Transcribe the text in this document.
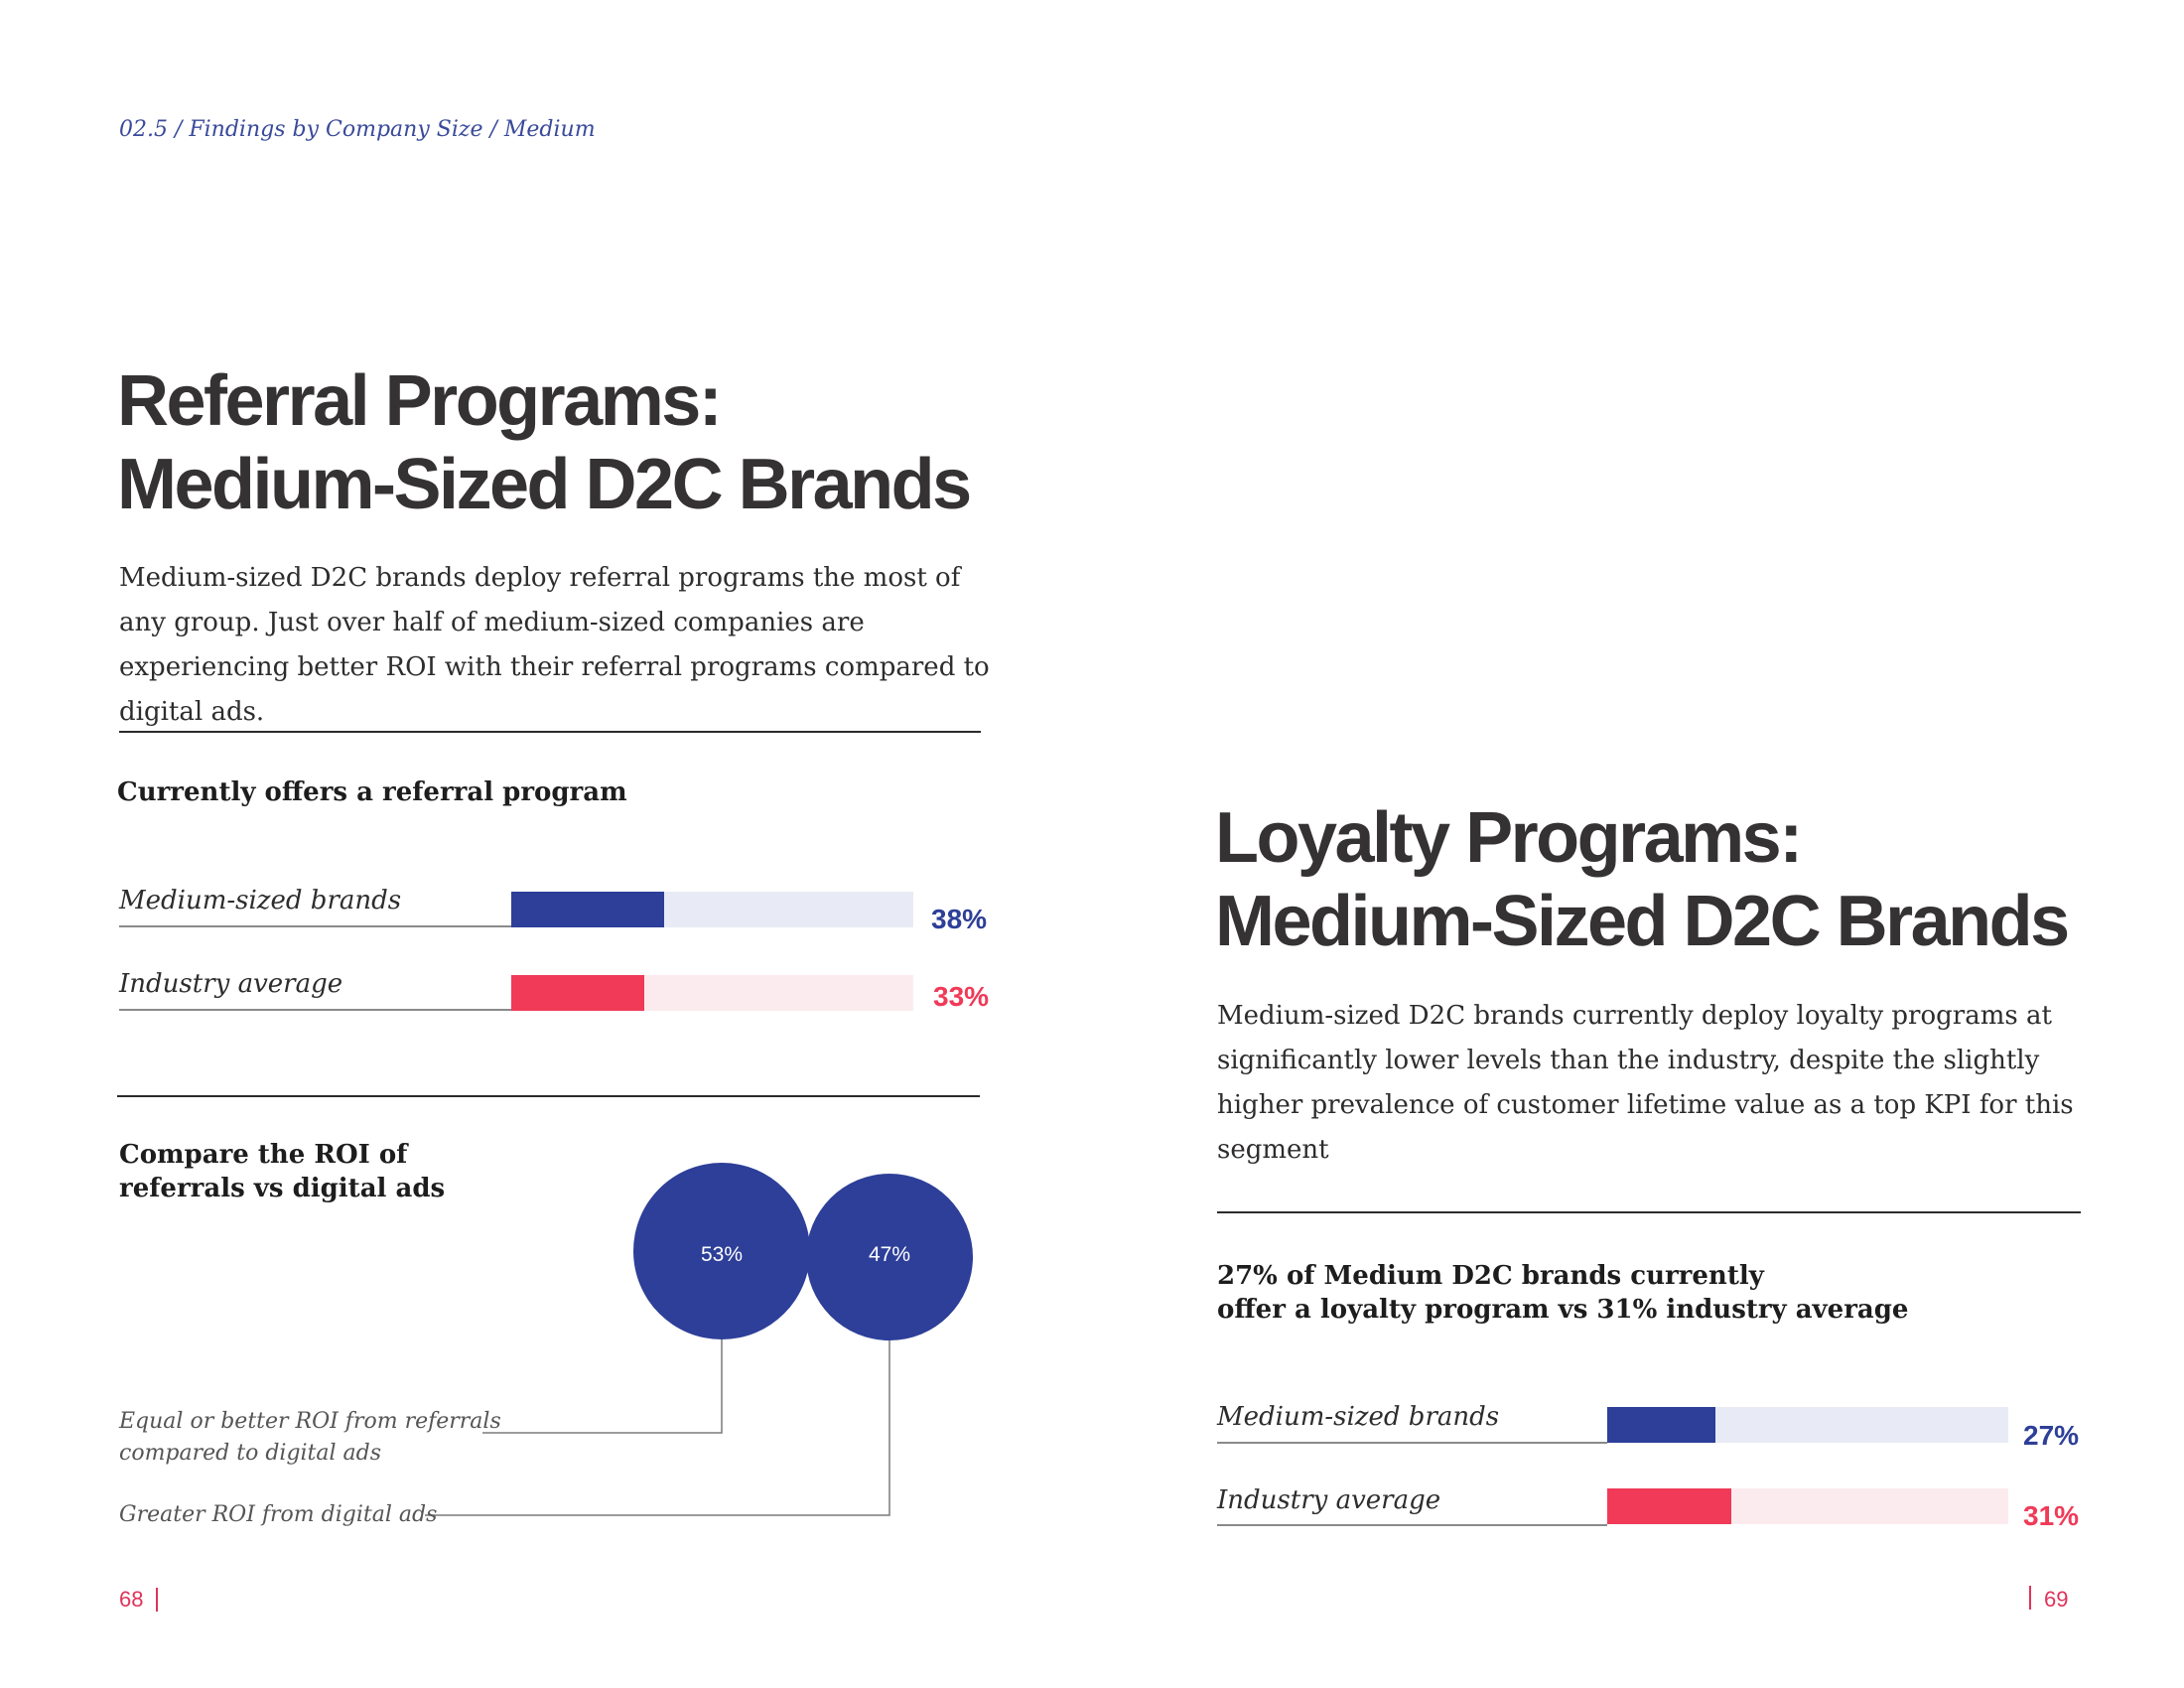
02.5 / Findings by Company Size / Medium
Referral Programs:
Medium-Sized D2C Brands

Medium-sized D2C brands deploy referral programs the most of any group. Just over half of medium-sized companies are experiencing better ROI with their referral programs compared to digital ads.

Currently offers a referral program
Medium-sized brands
38%
Industry average	33%
Compare the ROI of
referrals vs digital ads
53%	47%
Equal or better ROI from referrals
compared to digital ads
Greater ROI from digital ads
68
Loyalty Programs:
Medium-Sized D2C Brands

Medium-sized D2C brands currently deploy loyalty programs at significantly lower levels than the industry, despite the slightly higher prevalence of customer lifetime value as a top KPI for this segment

27% of Medium D2C brands currently
offer a loyalty program vs 31% industry average
Medium-sized brands
27%
Industry average	31%
69
